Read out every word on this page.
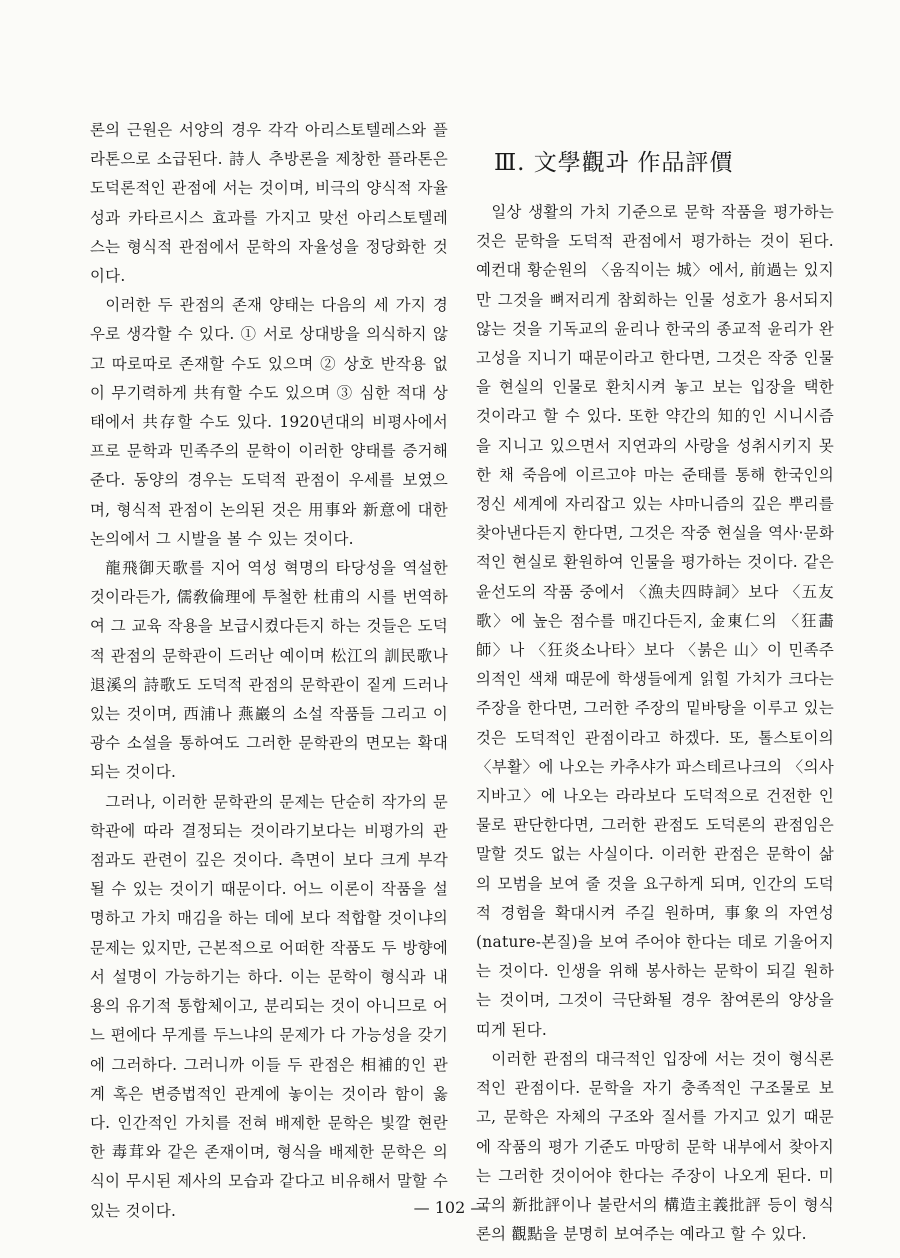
론의 근원은 서양의 경우 각각 아리스토텔레스와 플라톤으로 소급된다. 詩人 추방론을 제창한 플라톤은 도덕론적인 관점에 서는 것이며, 비극의 양식적 자율성과 카타르시스 효과를 가지고 맞선 아리스토텔레스는 형식적 관점에서 문학의 자율성을 정당화한 것이다.

이러한 두 관점의 존재 양태는 다음의 세 가지 경우로 생각할 수 있다. ① 서로 상대방을 의식하지 않고 따로따로 존재할 수도 있으며 ② 상호 반작용 없이 무기력하게 共有할 수도 있으며 ③ 심한 적대 상태에서 共存할 수도 있다. 1920년대의 비평사에서 프로 문학과 민족주의 문학이 이러한 양태를 증거해 준다. 동양의 경우는 도덕적 관점이 우세를 보였으며, 형식적 관점이 논의된 것은 用事와 新意에 대한 논의에서 그 시발을 볼 수 있는 것이다.

龍飛御天歌를 지어 역성 혁명의 타당성을 역설한 것이라든가, 儒敎倫理에 투철한 杜甫의 시를 번역하여 그 교육 작용을 보급시켰다든지 하는 것들은 도덕적 관점의 문학관이 드러난 예이며 松江의 訓民歌나 退溪의 詩歌도 도덕적 관점의 문학관이 짙게 드러나 있는 것이며, 西浦나 燕巖의 소설 작품들 그리고 이 광수 소설을 통하여도 그러한 문학관의 면모는 확대되는 것이다.

그러나, 이러한 문학관의 문제는 단순히 작가의 문학관에 따라 결정되는 것이라기보다는 비평가의 관점과도 관련이 깊은 것이다. 측면이 보다 크게 부각될 수 있는 것이기 때문이다. 어느 이론이 작품을 설명하고 가치 매김을 하는 데에 보다 적합할 것이냐의 문제는 있지만, 근본적으로 어떠한 작품도 두 방향에서 설명이 가능하기는 하다. 이는 문학이 형식과 내용의 유기적 통합체이고, 분리되는 것이 아니므로 어느 편에다 무게를 두느냐의 문제가 다 가능성을 갖기에 그러하다. 그러니까 이들 두 관점은 相補的인 관계 혹은 변증법적인 관계에 놓이는 것이라 함이 옳다. 인간적인 가치를 전혀 배제한 문학은 빛깔 현란한 毒茸와 같은 존재이며, 형식을 배제한 문학은 의식이 무시된 제사의 모습과 같다고 비유해서 말할 수 있는 것이다.

Ⅲ. 文學觀과 作品評價

일상 생활의 가치 기준으로 문학 작품을 평가하는 것은 문학을 도덕적 관점에서 평가하는 것이 된다. 예컨대 황순원의 〈움직이는 城〉에서, 前過는 있지만 그것을 뼈저리게 참회하는 인물 성호가 용서되지 않는 것을 기독교의 윤리나 한국의 종교적 윤리가 완고성을 지니기 때문이라고 한다면, 그것은 작중 인물을 현실의 인물로 환치시켜 놓고 보는 입장을 택한 것이라고 할 수 있다. 또한 약간의 知的인 시니시즘을 지니고 있으면서 지연과의 사랑을 성취시키지 못한 채 죽음에 이르고야 마는 준태를 통해 한국인의 정신 세계에 자리잡고 있는 샤마니즘의 깊은 뿌리를 찾아낸다든지 한다면, 그것은 작중 현실을 역사·문화적인 현실로 환원하여 인물을 평가하는 것이다. 같은 윤선도의 작품 중에서 〈漁夫四時詞〉보다 〈五友歌〉에 높은 점수를 매긴다든지, 金東仁의 〈狂畵師〉나 〈狂炎소나타〉보다 〈붉은 山〉이 민족주의적인 색채 때문에 학생들에게 읽힐 가치가 크다는 주장을 한다면, 그러한 주장의 밑바탕을 이루고 있는 것은 도덕적인 관점이라고 하겠다. 또, 톨스토이의 〈부활〉에 나오는 카추샤가 파스테르나크의 〈의사 지바고〉에 나오는 라라보다 도덕적으로 건전한 인물로 판단한다면, 그러한 관점도 도덕론의 관점임은 말할 것도 없는 사실이다. 이러한 관점은 문학이 삶의 모범을 보여 줄 것을 요구하게 되며, 인간의 도덕적 경험을 확대시켜 주길 원하며, 事象의 자연성(nature-본질)을 보여 주어야 한다는 데로 기울어지는 것이다. 인생을 위해 봉사하는 문학이 되길 원하는 것이며, 그것이 극단화될 경우 참여론의 양상을 띠게 된다.

이러한 관점의 대극적인 입장에 서는 것이 형식론적인 관점이다. 문학을 자기 충족적인 구조물로 보고, 문학은 자체의 구조와 질서를 가지고 있기 때문에 작품의 평가 기준도 마땅히 문학 내부에서 찾아지는 그러한 것이어야 한다는 주장이 나오게 된다. 미국의 新批評이나 불란서의 構造主義批評 등이 형식론의 觀點을 분명히 보여주는 예라고 할 수 있다.

— 102 —
